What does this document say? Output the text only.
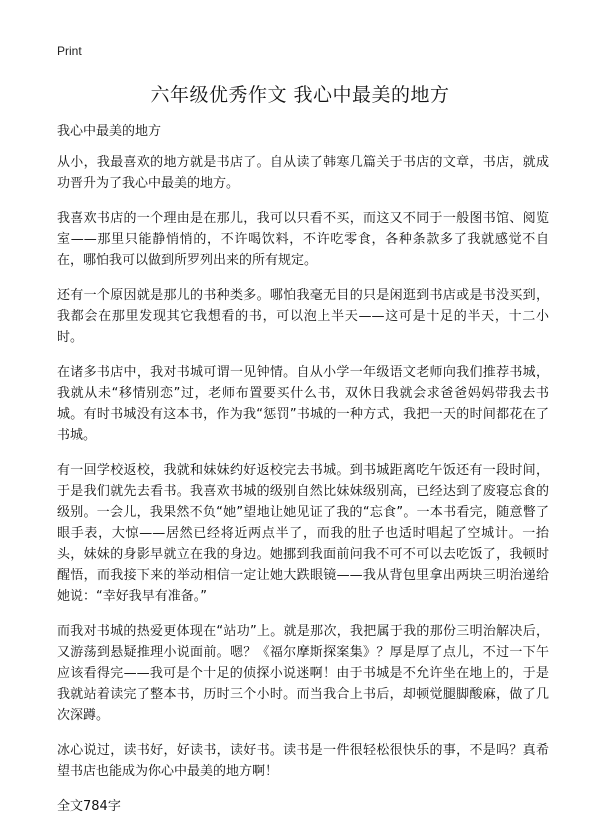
Print
六年级优秀作文 我心中最美的地方

我心中最美的地方

从小，我最喜欢的地方就是书店了。自从读了韩寒几篇关于书店的文章，书店，就成功晋升为了我心中最美的地方。

我喜欢书店的一个理由是在那儿，我可以只看不买，而这又不同于一般图书馆、阅览室——那里只能静悄悄的，不许喝饮料，不许吃零食，各种条款多了我就感觉不自在，哪怕我可以做到所罗列出来的所有规定。

还有一个原因就是那儿的书种类多。哪怕我毫无目的只是闲逛到书店或是书没买到，我都会在那里发现其它我想看的书，可以泡上半天——这可是十足的半天，十二小时。

在诸多书店中，我对书城可谓一见钟情。自从小学一年级语文老师向我们推荐书城，我就从未“移情别恋”过，老师布置要买什么书，双休日我就会求爸爸妈妈带我去书城。有时书城没有这本书，作为我“惩罚”书城的一种方式，我把一天的时间都花在了书城。

有一回学校返校，我就和妹妹约好返校完去书城。到书城距离吃午饭还有一段时间，于是我们就先去看书。我喜欢书城的级别自然比妹妹级别高，已经达到了废寝忘食的级别。一会儿，我果然不负“她”望地让她见证了我的“忘食”。一本书看完，随意瞥了眼手表，大惊——居然已经将近两点半了，而我的肚子也适时唱起了空城计。一抬头，妹妹的身影早就立在我的身边。她挪到我面前问我不可不可以去吃饭了，我顿时醒悟，而我接下来的举动相信一定让她大跌眼镜——我从背包里拿出两块三明治递给她说：“幸好我早有准备。”

而我对书城的热爱更体现在“站功”上。就是那次，我把属于我的那份三明治解决后，又游荡到悬疑推理小说面前。嗯？《福尔摩斯探案集》？厚是厚了点儿，不过一下午应该看得完——我可是个十足的侦探小说迷啊！由于书城是不允许坐在地上的，于是我就站着读完了整本书，历时三个小时。而当我合上书后，却顿觉腿脚酸麻，做了几次深蹲。

冰心说过，读书好，好读书，读好书。读书是一件很轻松很快乐的事，不是吗？真希望书店也能成为你心中最美的地方啊！

全文784字
